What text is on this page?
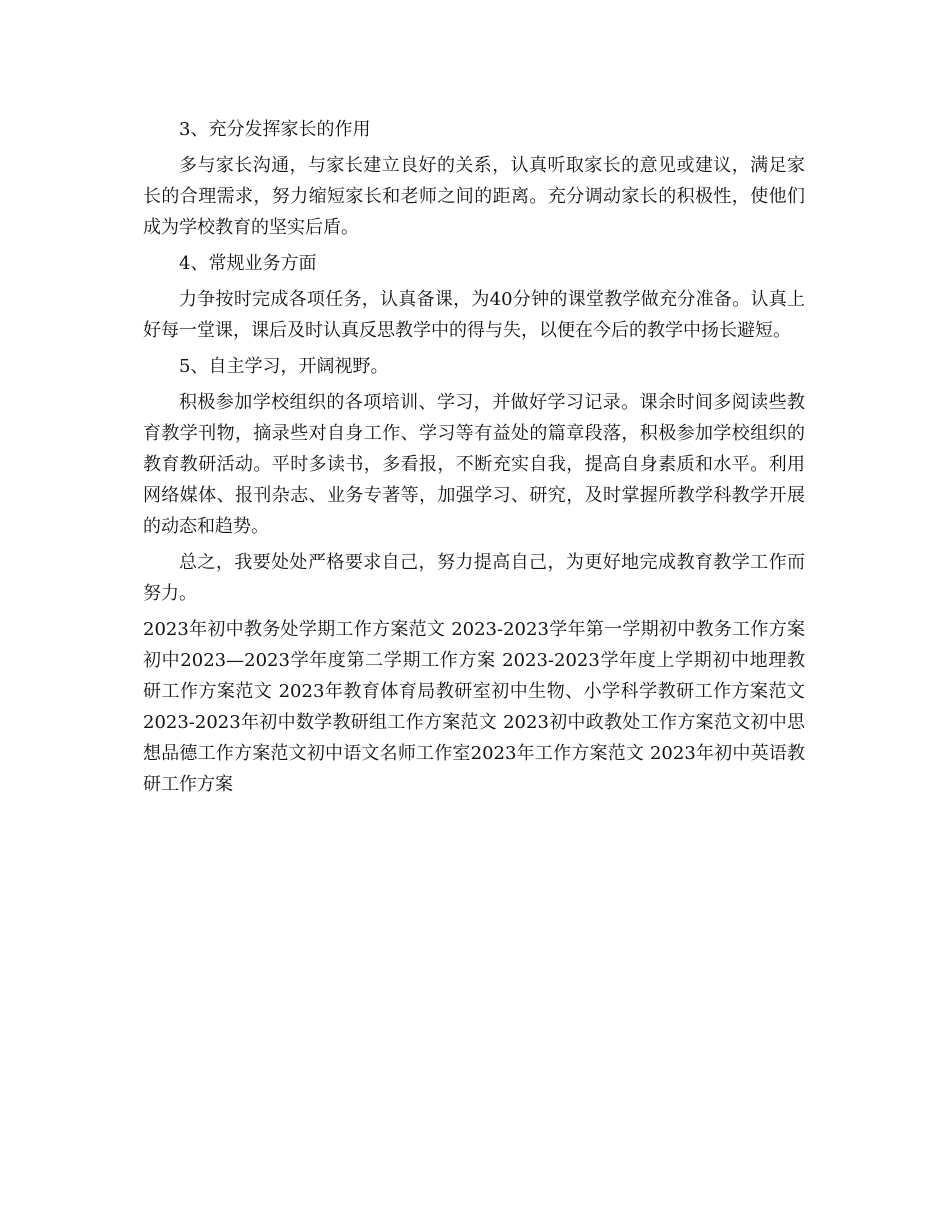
3、充分发挥家长的作用

多与家长沟通，与家长建立良好的关系，认真听取家长的意见或建议，满足家长的合理需求，努力缩短家长和老师之间的距离。充分调动家长的积极性，使他们成为学校教育的坚实后盾。

4、常规业务方面

力争按时完成各项任务，认真备课，为40分钟的课堂教学做充分准备。认真上好每一堂课，课后及时认真反思教学中的得与失，以便在今后的教学中扬长避短。

5、自主学习，开阔视野。

积极参加学校组织的各项培训、学习，并做好学习记录。课余时间多阅读些教育教学刊物，摘录些对自身工作、学习等有益处的篇章段落，积极参加学校组织的教育教研活动。平时多读书，多看报，不断充实自我，提高自身素质和水平。利用网络媒体、报刊杂志、业务专著等，加强学习、研究，及时掌握所教学科教学开展的动态和趋势。

总之，我要处处严格要求自己，努力提高自己，为更好地完成教育教学工作而努力。

2023年初中教务处学期工作方案范文 2023-2023学年第一学期初中教务工作方案初中2023—2023学年度第二学期工作方案 2023-2023学年度上学期初中地理教研工作方案范文 2023年教育体育局教研室初中生物、小学科学教研工作方案范文2023-2023年初中数学教研组工作方案范文 2023初中政教处工作方案范文初中思想品德工作方案范文初中语文名师工作室2023年工作方案范文 2023年初中英语教研工作方案
